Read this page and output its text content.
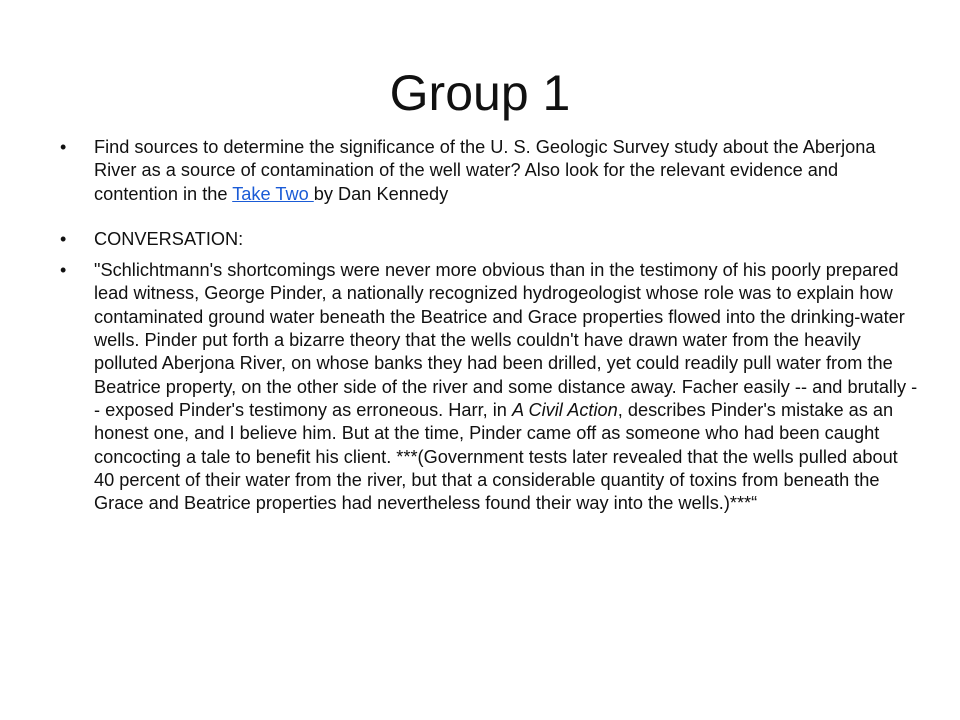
Group 1
• Find sources to determine the significance of the U. S. Geologic Survey study about the Aberjona River as a source of contamination of the well water? Also look for the relevant evidence and contention in the Take Two by Dan Kennedy
• CONVERSATION:
• "Schlichtmann's shortcomings were never more obvious than in the testimony of his poorly prepared lead witness, George Pinder, a nationally recognized hydrogeologist whose role was to explain how contaminated ground water beneath the Beatrice and Grace properties flowed into the drinking-water wells. Pinder put forth a bizarre theory that the wells couldn't have drawn water from the heavily polluted Aberjona River, on whose banks they had been drilled, yet could readily pull water from the Beatrice property, on the other side of the river and some distance away. Facher easily -- and brutally -- exposed Pinder's testimony as erroneous. Harr, in A Civil Action, describes Pinder's mistake as an honest one, and I believe him. But at the time, Pinder came off as someone who had been caught concocting a tale to benefit his client. ***(Government tests later revealed that the wells pulled about 40 percent of their water from the river, but that a considerable quantity of toxins from beneath the Grace and Beatrice properties had nevertheless found their way into the wells.)***“
